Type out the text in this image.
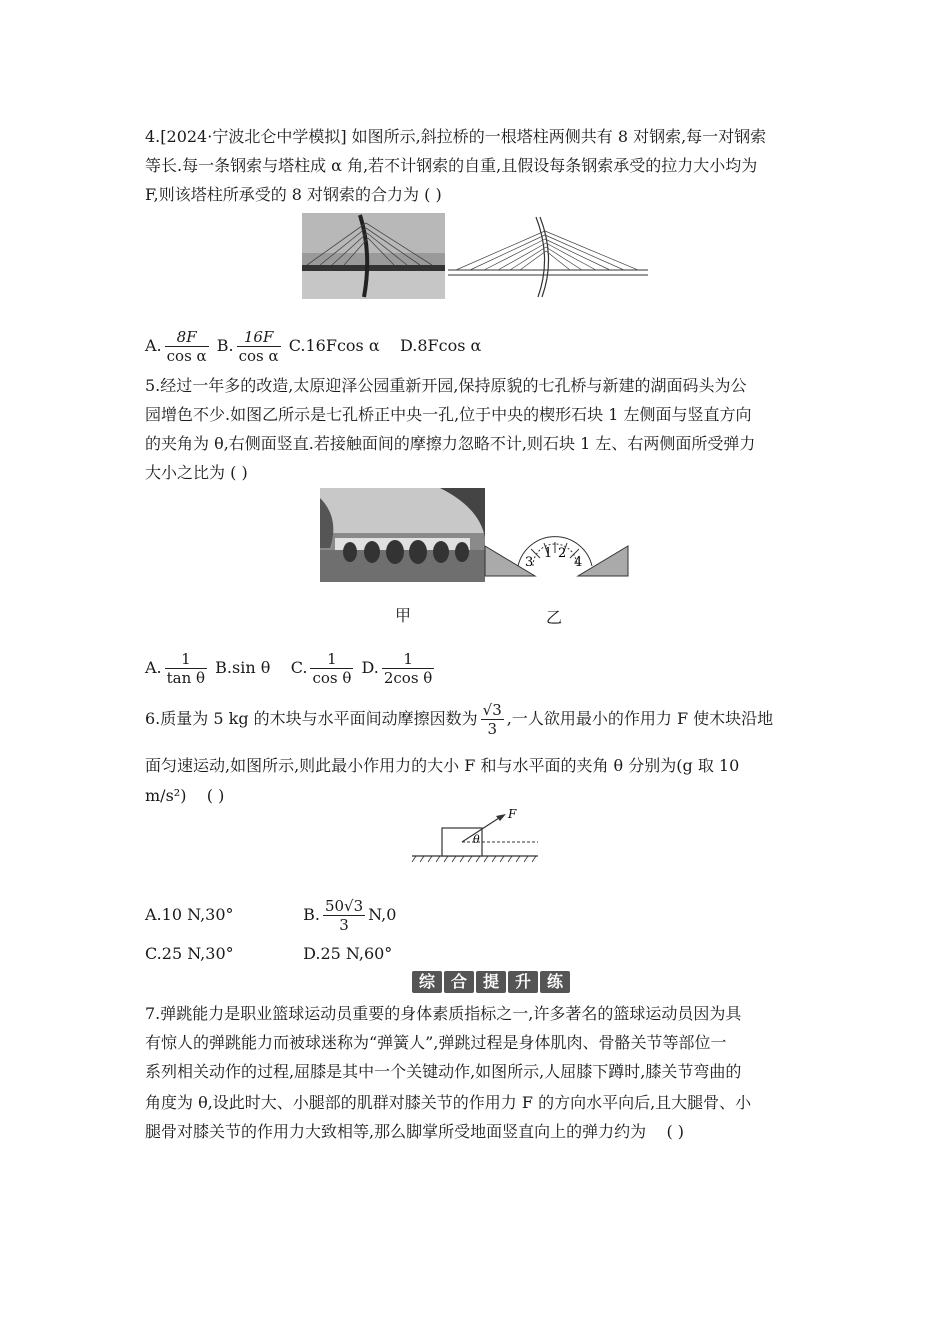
4.[2024·宁波北仑中学模拟] 如图所示,斜拉桥的一根塔柱两侧共有 8 对钢索,每一对钢索
等长.每一条钢索与塔柱成 α 角,若不计钢索的自重,且假设每条钢索承受的拉力大小均为
F,则该塔柱所承受的 8 对钢索的合力为 ( )
A. $\frac{8F}{\text{cos α}} B$. $\frac{16F}{\text{cos α}} C.16Fcos$ α D.8Fcos α
5.经过一年多的改造,太原迎泽公园重新开园,保持原貌的七孔桥与新建的湖面码头为公
园增色不少.如图乙所示是七孔桥正中央一孔,位于中央的楔形石块 1 左侧面与竖直方向
的夹角为 θ,右侧面竖直.若接触面间的摩擦力忽略不计,则石块 1 左、右两侧面所受弹力
大小之比为 ( )
3
1 2
4
甲	乙
A. $\frac{1}{\text{tan θ}} B.\sin$ θ C. $\frac{1}{\text{cos θ}} D$. $\frac{1}{\text{2cos θ}}$
6.质量为 5 kg 的木块与水平面间动摩擦因数为 $\frac{√3}{3}$ ,一人欲用最小的作用力 F 使木块沿地
面匀速运动,如图所示,则此最小作用力的大小 F 和与水平面的夹角 θ 分别为(g 取 10
m/s²) ( )
F
θ
A.10 N,30°	B. $\frac{50√3}{3} N,0$
C.25 N,30°	D.25 N,60°
综 合 提 升 练
7.弹跳能力是职业篮球运动员重要的身体素质指标之一,许多著名的篮球运动员因为具
有惊人的弹跳能力而被球迷称为“弹簧人”,弹跳过程是身体肌肉、骨骼关节等部位一
系列相关动作的过程,屈膝是其中一个关键动作,如图所示,人屈膝下蹲时,膝关节弯曲的
角度为 θ,设此时大、小腿部的肌群对膝关节的作用力 F 的方向水平向后,且大腿骨、小
腿骨对膝关节的作用力大致相等,那么脚掌所受地面竖直向上的弹力约为 ( )
